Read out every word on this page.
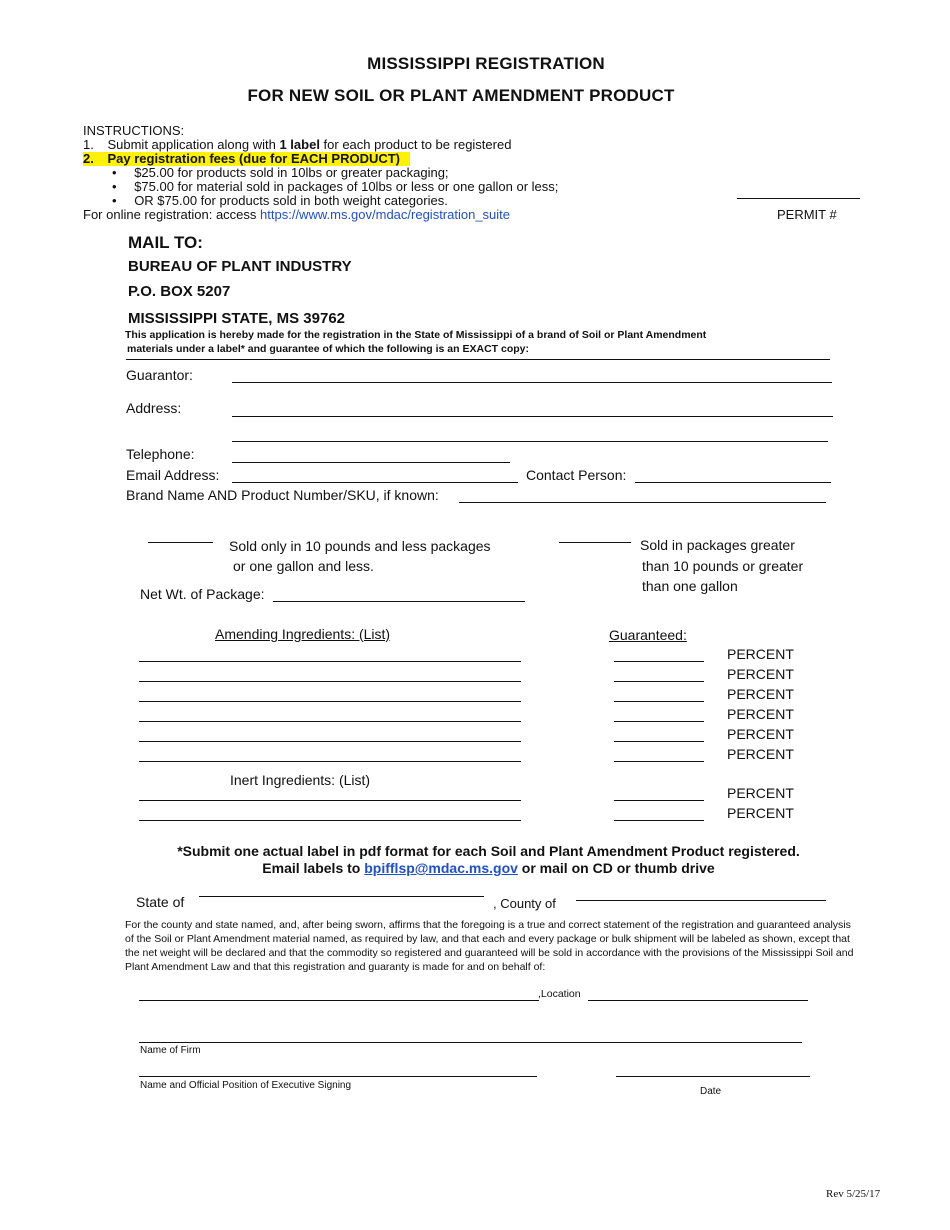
MISSISSIPPI REGISTRATION
FOR NEW SOIL OR PLANT AMENDMENT PRODUCT
INSTRUCTIONS:
1. Submit application along with 1 label for each product to be registered
2. Pay registration fees (due for EACH PRODUCT)
• $25.00 for products sold in 10lbs or greater packaging;
• $75.00 for material sold in packages of 10lbs or less or one gallon or less;
• OR $75.00 for products sold in both weight categories.
For online registration: access https://www.ms.gov/mdac/registration_suite	PERMIT #
MAIL TO:
BUREAU OF PLANT INDUSTRY
P.O. BOX 5207
MISSISSIPPI STATE, MS 39762
This application is hereby made for the registration in the State of Mississippi of a brand of Soil or Plant Amendment
materials under a label* and guarantee of which the following is an EXACT copy:
Guarantor:
Address:
Telephone:
Email Address:	Contact Person:
Brand Name AND Product Number/SKU, if known:
Sold only in 10 pounds and less packages
or one gallon and less.
Sold in packages greater
than 10 pounds or greater
than one gallon
Net Wt. of Package:
Amending Ingredients: (List)	Guaranteed:
PERCENT
PERCENT
PERCENT
PERCENT
PERCENT
PERCENT
Inert Ingredients: (List)
PERCENT
PERCENT
*Submit one actual label in pdf format for each Soil and Plant Amendment Product registered.
Email labels to bpifflsp@mdac.ms.gov or mail on CD or thumb drive
State of	, County of
For the county and state named, and, after being sworn, affirms that the foregoing is a true and correct statement of the registration and guaranteed analysis of the Soil or Plant Amendment material named, as required by law, and that each and every package or bulk shipment will be labeled as shown, except that the net weight will be declared and that the commodity so registered and guaranteed will be sold in accordance with the provisions of the Mississippi Soil and Plant Amendment Law and that this registration and guaranty is made for and on behalf of:
,Location
Name of Firm
Name and Official Position of Executive Signing
Date
Rev 5/25/17
